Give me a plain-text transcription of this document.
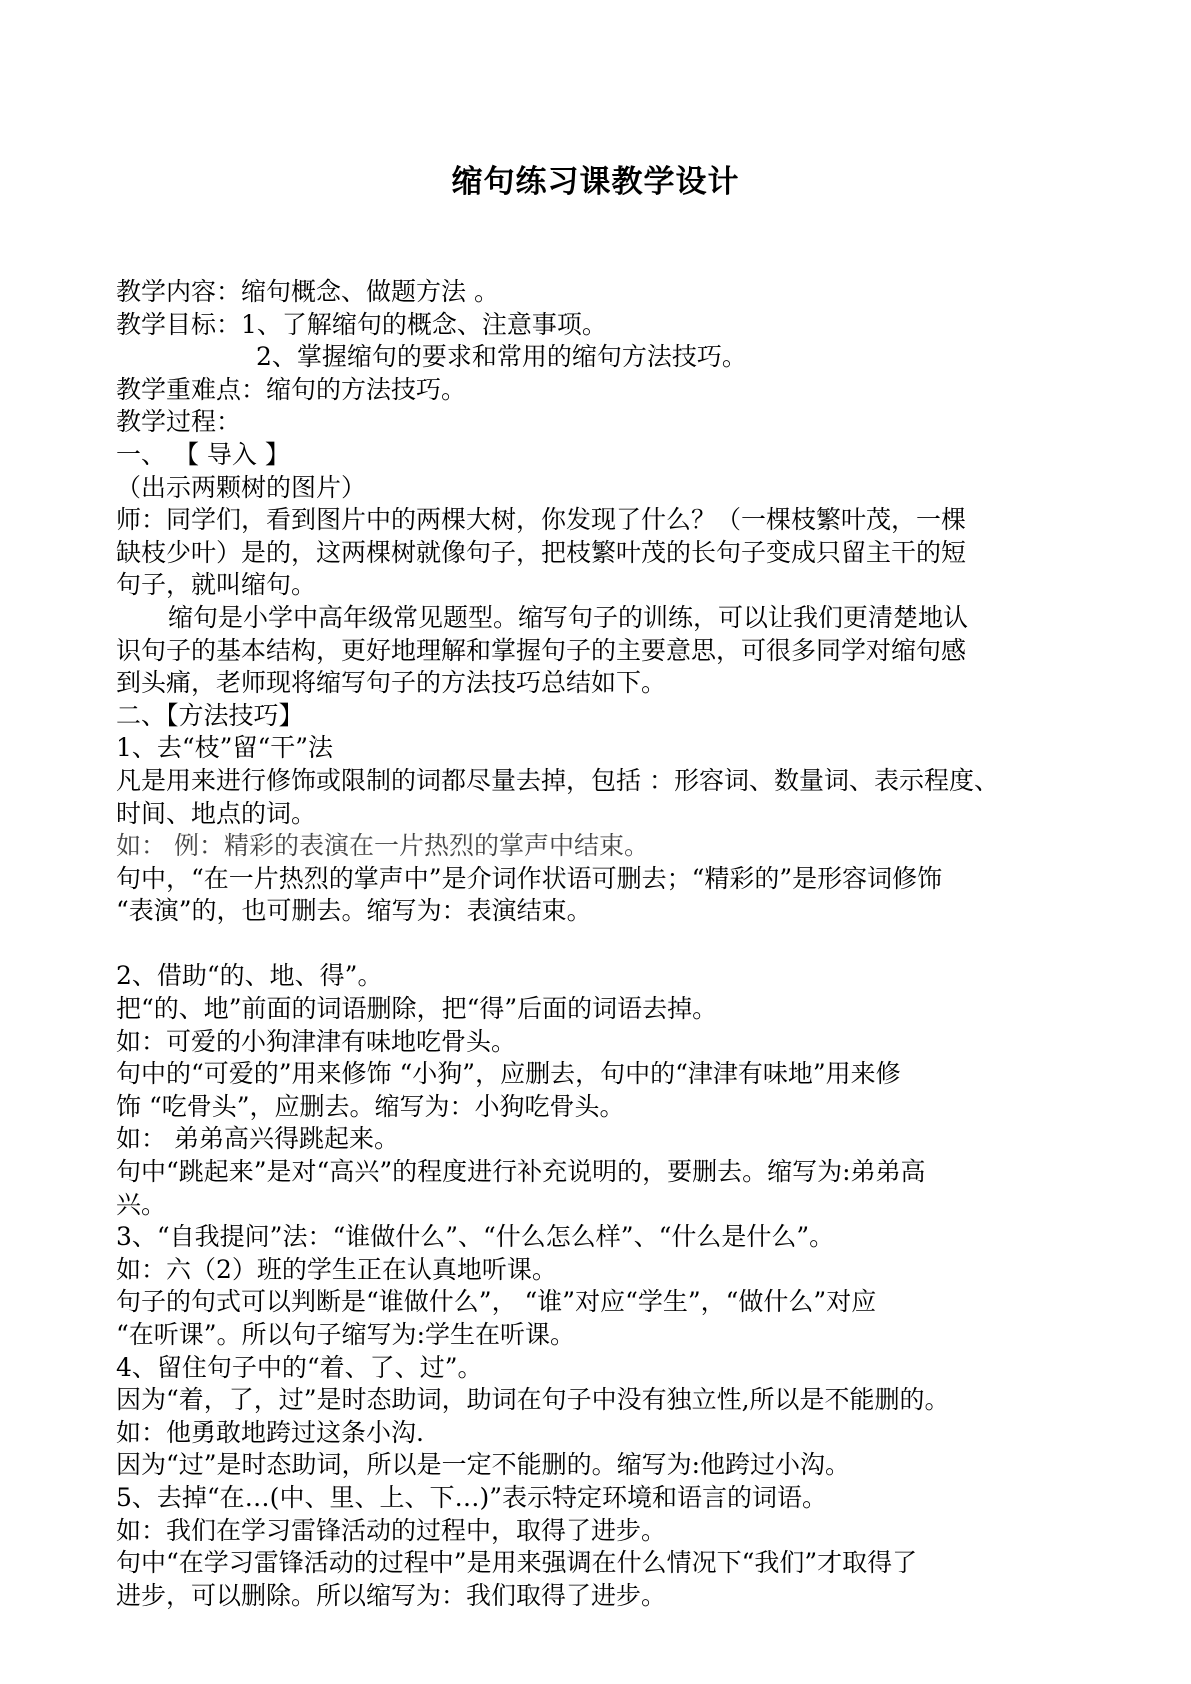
缩句练习课教学设计
教学内容：缩句概念、做题方法 。
教学目标：1、了解缩句的概念、注意事项。
2、掌握缩句的要求和常用的缩句方法技巧。
教学重难点：缩句的方法技巧。
教学过程：
一、 【 导入 】
（出示两颗树的图片）
师：同学们，看到图片中的两棵大树，你发现了什么？（一棵枝繁叶茂，一棵
缺枝少叶）是的，这两棵树就像句子，把枝繁叶茂的长句子变成只留主干的短
句子，就叫缩句。
缩句是小学中高年级常见题型。缩写句子的训练，可以让我们更清楚地认
识句子的基本结构，更好地理解和掌握句子的主要意思，可很多同学对缩句感
到头痛，老师现将缩写句子的方法技巧总结如下。
二、【方法技巧】
1、去“枝”留“干”法
凡是用来进行修饰或限制的词都尽量去掉，包括 ：形容词、数量词、表示程度、
时间、地点的词。
如： 例：精彩的表演在一片热烈的掌声中结束。
句中，“在一片热烈的掌声中”是介词作状语可删去；“精彩的”是形容词修饰
“表演”的，也可删去。缩写为：表演结束。
2、借助“的、地、得”。
把“的、地”前面的词语删除，把“得”后面的词语去掉。
如：可爱的小狗津津有味地吃骨头。
句中的“可爱的”用来修饰 “小狗”，应删去，句中的“津津有味地”用来修
饰 “吃骨头”，应删去。缩写为：小狗吃骨头。
如： 弟弟高兴得跳起来。
句中“跳起来”是对“高兴”的程度进行补充说明的，要删去。缩写为:弟弟高
兴。
3、“自我提问”法：“谁做什么”、“什么怎么样”、“什么是什么”。
如：六（2）班的学生正在认真地听课。
句子的句式可以判断是“谁做什么”， “谁”对应“学生”，“做什么”对应
“在听课”。所以句子缩写为:学生在听课。
4、留住句子中的“着、了、过”。
因为“着，了，过”是时态助词，助词在句子中没有独立性,所以是不能删的。
如：他勇敢地跨过这条小沟.
因为“过”是时态助词，所以是一定不能删的。缩写为:他跨过小沟。
5、去掉“在…(中、里、上、下…)”表示特定环境和语言的词语。
如：我们在学习雷锋活动的过程中，取得了进步。
句中“在学习雷锋活动的过程中”是用来强调在什么情况下“我们”才取得了
进步，可以删除。所以缩写为：我们取得了进步。
